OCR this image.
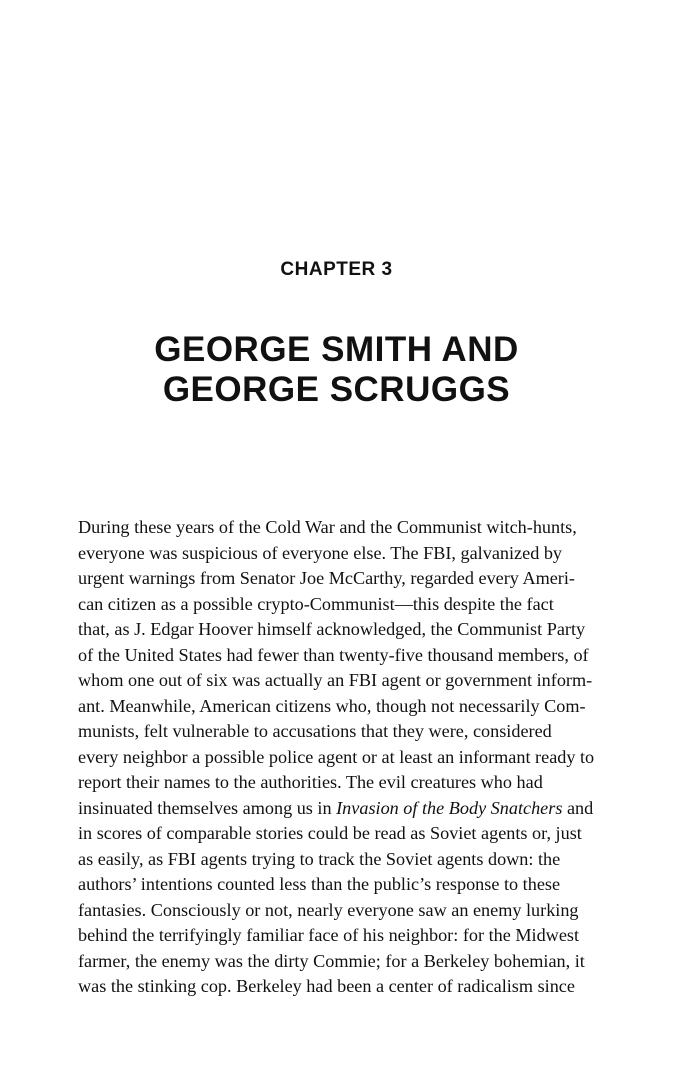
CHAPTER 3
GEORGE SMITH AND
GEORGE SCRUGGS
During these years of the Cold War and the Communist witch-hunts,
everyone was suspicious of everyone else. The FBI, galvanized by
urgent warnings from Senator Joe McCarthy, regarded every Ameri-
can citizen as a possible crypto-Communist—this despite the fact
that, as J. Edgar Hoover himself acknowledged, the Communist Party
of the United States had fewer than twenty-five thousand members, of
whom one out of six was actually an FBI agent or government inform-
ant. Meanwhile, American citizens who, though not necessarily Com-
munists, felt vulnerable to accusations that they were, considered
every neighbor a possible police agent or at least an informant ready to
report their names to the authorities. The evil creatures who had
insinuated themselves among us in Invasion of the Body Snatchers and
in scores of comparable stories could be read as Soviet agents or, just
as easily, as FBI agents trying to track the Soviet agents down: the
authors’ intentions counted less than the public’s response to these
fantasies. Consciously or not, nearly everyone saw an enemy lurking
behind the terrifyingly familiar face of his neighbor: for the Midwest
farmer, the enemy was the dirty Commie; for a Berkeley bohemian, it
was the stinking cop. Berkeley had been a center of radicalism since
